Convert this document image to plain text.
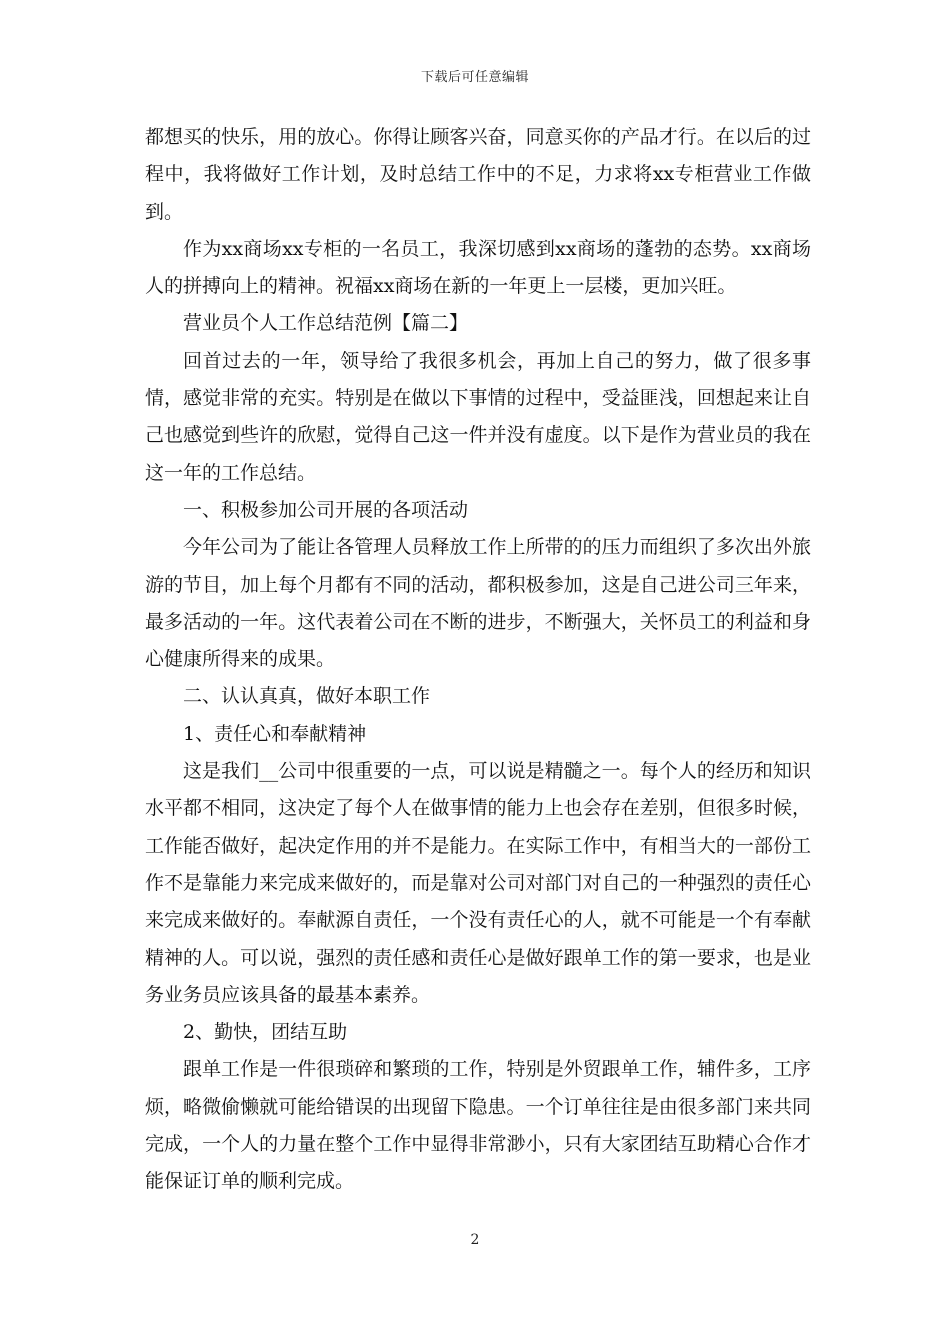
下载后可任意编辑

都想买的快乐，用的放心。你得让顾客兴奋，同意买你的产品才行。在以后的过程中，我将做好工作计划，及时总结工作中的不足，力求将xx专柜营业工作做到。

作为xx商场xx专柜的一名员工，我深切感到xx商场的蓬勃的态势。xx商场人的拼搏向上的精神。祝福xx商场在新的一年更上一层楼，更加兴旺。

营业员个人工作总结范例【篇二】

回首过去的一年，领导给了我很多机会，再加上自己的努力，做了很多事情，感觉非常的充实。特别是在做以下事情的过程中，受益匪浅，回想起来让自己也感觉到些许的欣慰，觉得自己这一件并没有虚度。以下是作为营业员的我在这一年的工作总结。

一、积极参加公司开展的各项活动

今年公司为了能让各管理人员释放工作上所带的的压力而组织了多次出外旅游的节目，加上每个月都有不同的活动，都积极参加，这是自己进公司三年来，最多活动的一年。这代表着公司在不断的进步，不断强大，关怀员工的利益和身心健康所得来的成果。

二、认认真真，做好本职工作

1、责任心和奉献精神

这是我们__公司中很重要的一点，可以说是精髓之一。每个人的经历和知识水平都不相同，这决定了每个人在做事情的能力上也会存在差别，但很多时候，工作能否做好，起决定作用的并不是能力。在实际工作中，有相当大的一部份工作不是靠能力来完成来做好的，而是靠对公司对部门对自己的一种强烈的责任心来完成来做好的。奉献源自责任，一个没有责任心的人，就不可能是一个有奉献精神的人。可以说，强烈的责任感和责任心是做好跟单工作的第一要求，也是业务业务员应该具备的最基本素养。

2、勤快，团结互助

跟单工作是一件很琐碎和繁琐的工作，特别是外贸跟单工作，辅件多，工序烦，略微偷懒就可能给错误的出现留下隐患。一个订单往往是由很多部门来共同完成，一个人的力量在整个工作中显得非常渺小，只有大家团结互助精心合作才能保证订单的顺利完成。

2
